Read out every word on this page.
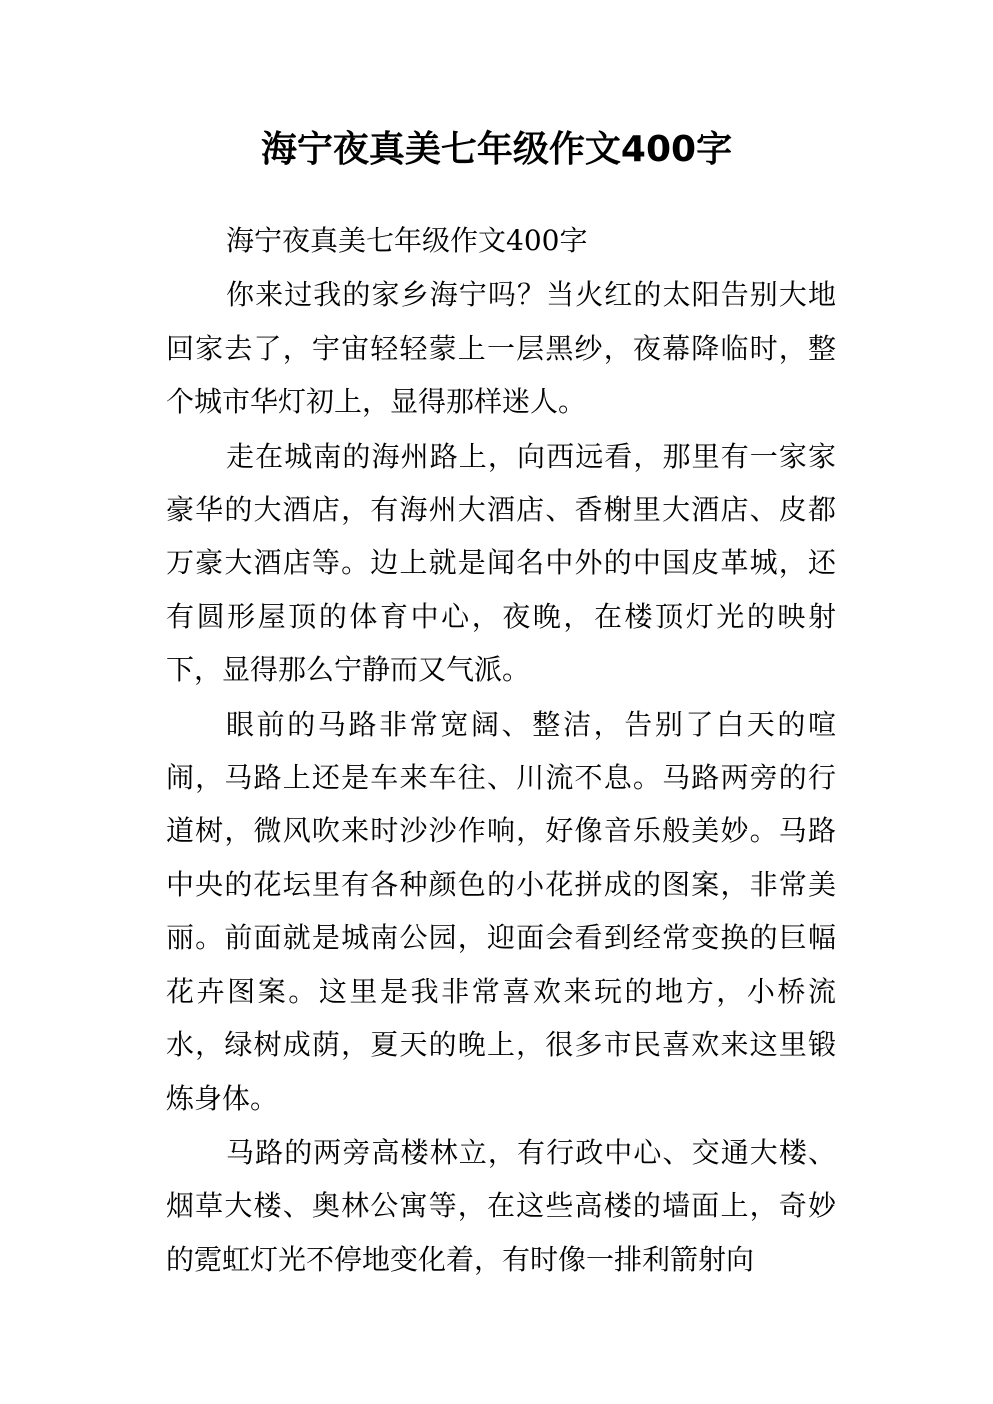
海宁夜真美七年级作文400字

海宁夜真美七年级作文400字

你来过我的家乡海宁吗？当火红的太阳告别大地回家去了，宇宙轻轻蒙上一层黑纱，夜幕降临时，整个城市华灯初上，显得那样迷人。

走在城南的海州路上，向西远看，那里有一家家豪华的大酒店，有海州大酒店、香榭里大酒店、皮都万豪大酒店等。边上就是闻名中外的中国皮革城，还有圆形屋顶的体育中心，夜晚，在楼顶灯光的映射下，显得那么宁静而又气派。

眼前的马路非常宽阔、整洁，告别了白天的喧闹，马路上还是车来车往、川流不息。马路两旁的行道树，微风吹来时沙沙作响，好像音乐般美妙。马路中央的花坛里有各种颜色的小花拼成的图案，非常美丽。前面就是城南公园，迎面会看到经常变换的巨幅花卉图案。这里是我非常喜欢来玩的地方，小桥流水，绿树成荫，夏天的晚上，很多市民喜欢来这里锻炼身体。

马路的两旁高楼林立，有行政中心、交通大楼、烟草大楼、奥林公寓等，在这些高楼的墙面上，奇妙的霓虹灯光不停地变化着，有时像一排利箭射向
